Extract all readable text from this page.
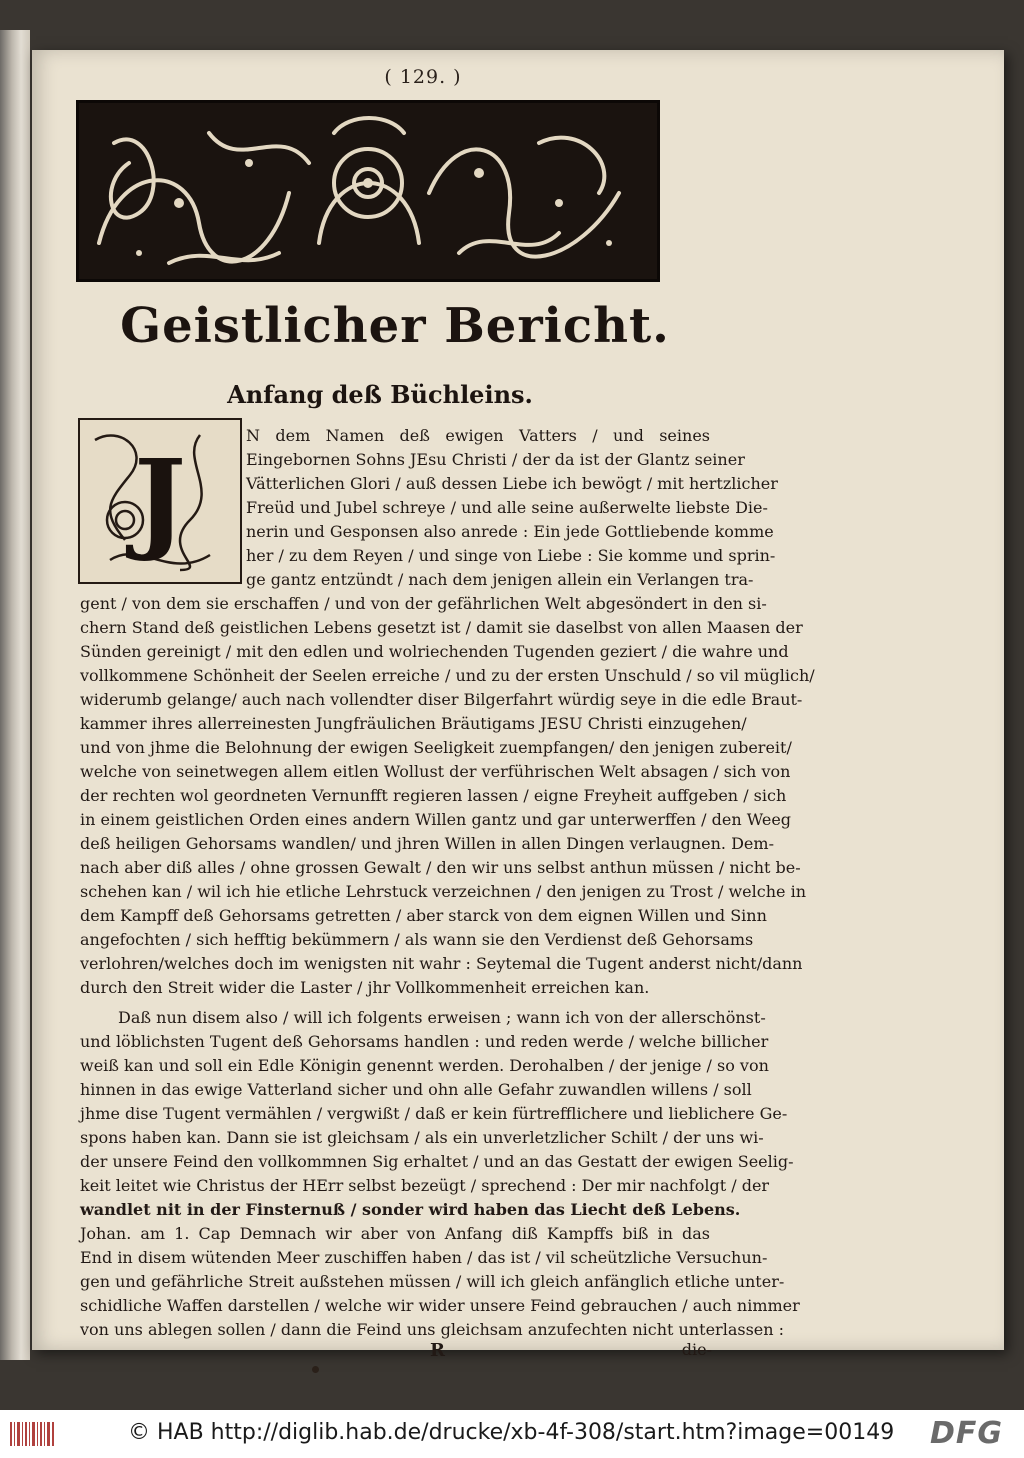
( 129. )
Geistlicher Bericht.
Anfang deß Büchleins.
J	N dem Namen deß ewigen Vatters / und seines
Eingebornen Sohns JEsu Christi / der da ist der Glantz seiner
Vätterlichen Glori / auß dessen Liebe ich bewögt / mit hertzlicher
Freüd und Jubel schreye / und alle seine außerwelte liebste Die-
nerin und Gesponsen also anrede : Ein jede Gottliebende komme
her / zu dem Reyen / und singe von Liebe : Sie komme und sprin-
ge gantz entzündt / nach dem jenigen allein ein Verlangen tra-
gent / von dem sie erschaffen / und von der gefährlichen Welt abgesöndert in den si-
chern Stand deß geistlichen Lebens gesetzt ist / damit sie daselbst von allen Maasen der
Sünden gereinigt / mit den edlen und wolriechenden Tugenden geziert / die wahre und
vollkommene Schönheit der Seelen erreiche / und zu der ersten Unschuld / so vil müglich/
widerumb gelange/ auch nach vollendter diser Bilgerfahrt würdig seye in die edle Braut-
kammer ihres allerreinesten Jungfräulichen Bräutigams JESU Christi einzugehen/
und von jhme die Belohnung der ewigen Seeligkeit zuempfangen/ den jenigen zubereit/
welche von seinetwegen allem eitlen Wollust der verführischen Welt absagen / sich von
der rechten wol geordneten Vernunfft regieren lassen / eigne Freyheit auffgeben / sich
in einem geistlichen Orden eines andern Willen gantz und gar unterwerffen / den Weeg
deß heiligen Gehorsams wandlen/ und jhren Willen in allen Dingen verlaugnen. Dem-
nach aber diß alles / ohne grossen Gewalt / den wir uns selbst anthun müssen / nicht be-
schehen kan / wil ich hie etliche Lehrstuck verzeichnen / den jenigen zu Trost / welche in
dem Kampff deß Gehorsams getretten / aber starck von dem eignen Willen und Sinn
angefochten / sich hefftig bekümmern / als wann sie den Verdienst deß Gehorsams
verlohren/welches doch im wenigsten nit wahr : Seytemal die Tugent anderst nicht/dann
durch den Streit wider die Laster / jhr Vollkommenheit erreichen kan.
Daß nun disem also / will ich folgents erweisen ; wann ich von der allerschönst-
und löblichsten Tugent deß Gehorsams handlen : und reden werde / welche billicher
weiß kan und soll ein Edle Königin genennt werden. Derohalben / der jenige / so von
hinnen in das ewige Vatterland sicher und ohn alle Gefahr zuwandlen willens / soll
jhme dise Tugent vermählen / vergwißt / daß er kein fürtrefflichere und lieblichere Ge-
spons haben kan. Dann sie ist gleichsam / als ein unverletzlicher Schilt / der uns wi-
der unsere Feind den vollkommnen Sig erhaltet / und an das Gestatt der ewigen Seelig-
keit leitet wie Christus der HErr selbst bezeügt / sprechend : Der mir nachfolgt / der
wandlet nit in der Finsternuß / sonder wird haben das Liecht deß Lebens.
Johan. am 1. Cap Demnach wir aber von Anfang diß Kampffs biß in das
End in disem wütenden Meer zuschiffen haben / das ist / vil scheützliche Versuchun-
gen und gefährliche Streit außstehen müssen / will ich gleich anfänglich etliche unter-
schidliche Waffen darstellen / welche wir wider unsere Feind gebrauchen / auch nimmer
von uns ablegen sollen / dann die Feind uns gleichsam anzufechten nicht unterlassen :
R	die-
© HAB http://diglib.hab.de/drucke/xb-4f-308/start.htm?image=00149 DFG
